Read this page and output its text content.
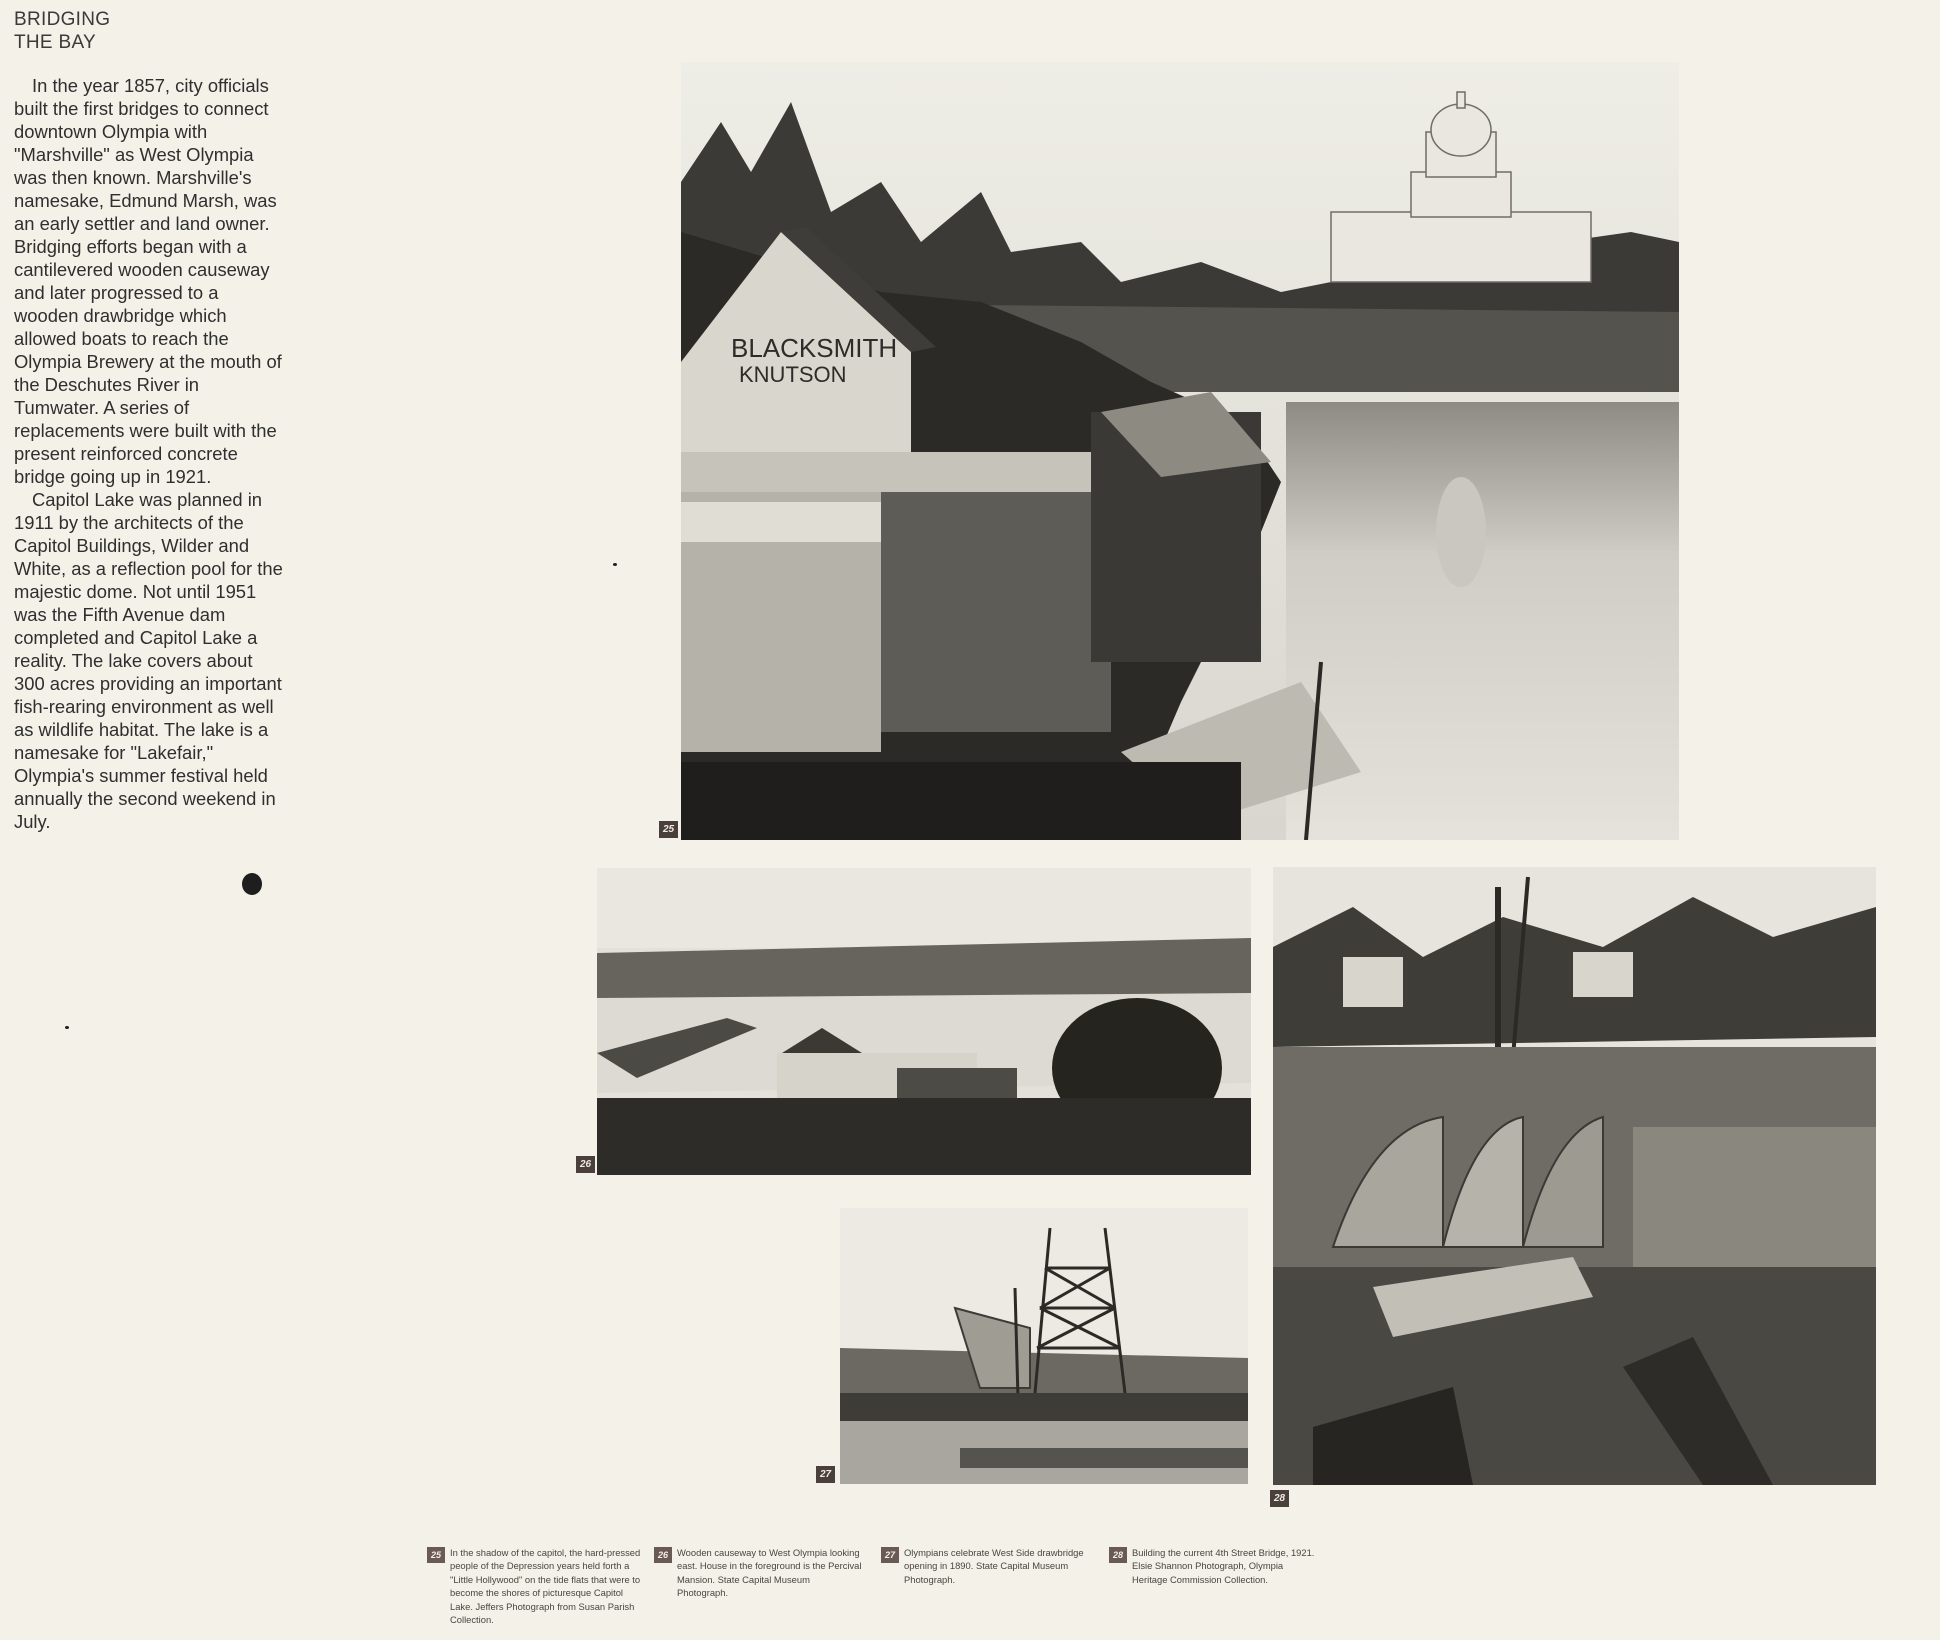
BRIDGING
THE BAY

In the year 1857, city officials built the first bridges to connect downtown Olympia with "Marshville" as West Olympia was then known. Marshville's namesake, Edmund Marsh, was an early settler and land owner. Bridging efforts began with a cantilevered wooden causeway and later progressed to a wooden drawbridge which allowed boats to reach the Olympia Brewery at the mouth of the Deschutes River in Tumwater. A series of replacements were built with the present reinforced concrete bridge going up in 1921.

Capitol Lake was planned in 1911 by the architects of the Capitol Buildings, Wilder and White, as a reflection pool for the majestic dome. Not until 1951 was the Fifth Avenue dam completed and Capitol Lake a reality. The lake covers about 300 acres providing an important fish-rearing environment as well as wildlife habitat. The lake is a namesake for "Lakefair," Olympia's summer festival held annually the second weekend in July.

BLACKSMITH
KNUTSON
25
26
27
28
25 In the shadow of the capitol, the hard-pressed people of the Depression years held forth a "Little Hollywood" on the tide flats that were to become the shores of picturesque Capitol Lake. Jeffers Photograph from Susan Parish Collection.
26 Wooden causeway to West Olympia looking east. House in the foreground is the Percival Mansion. State Capital Museum Photograph.
27 Olympians celebrate West Side drawbridge opening in 1890. State Capital Museum Photograph.
28 Building the current 4th Street Bridge, 1921. Elsie Shannon Photograph, Olympia Heritage Commission Collection.
